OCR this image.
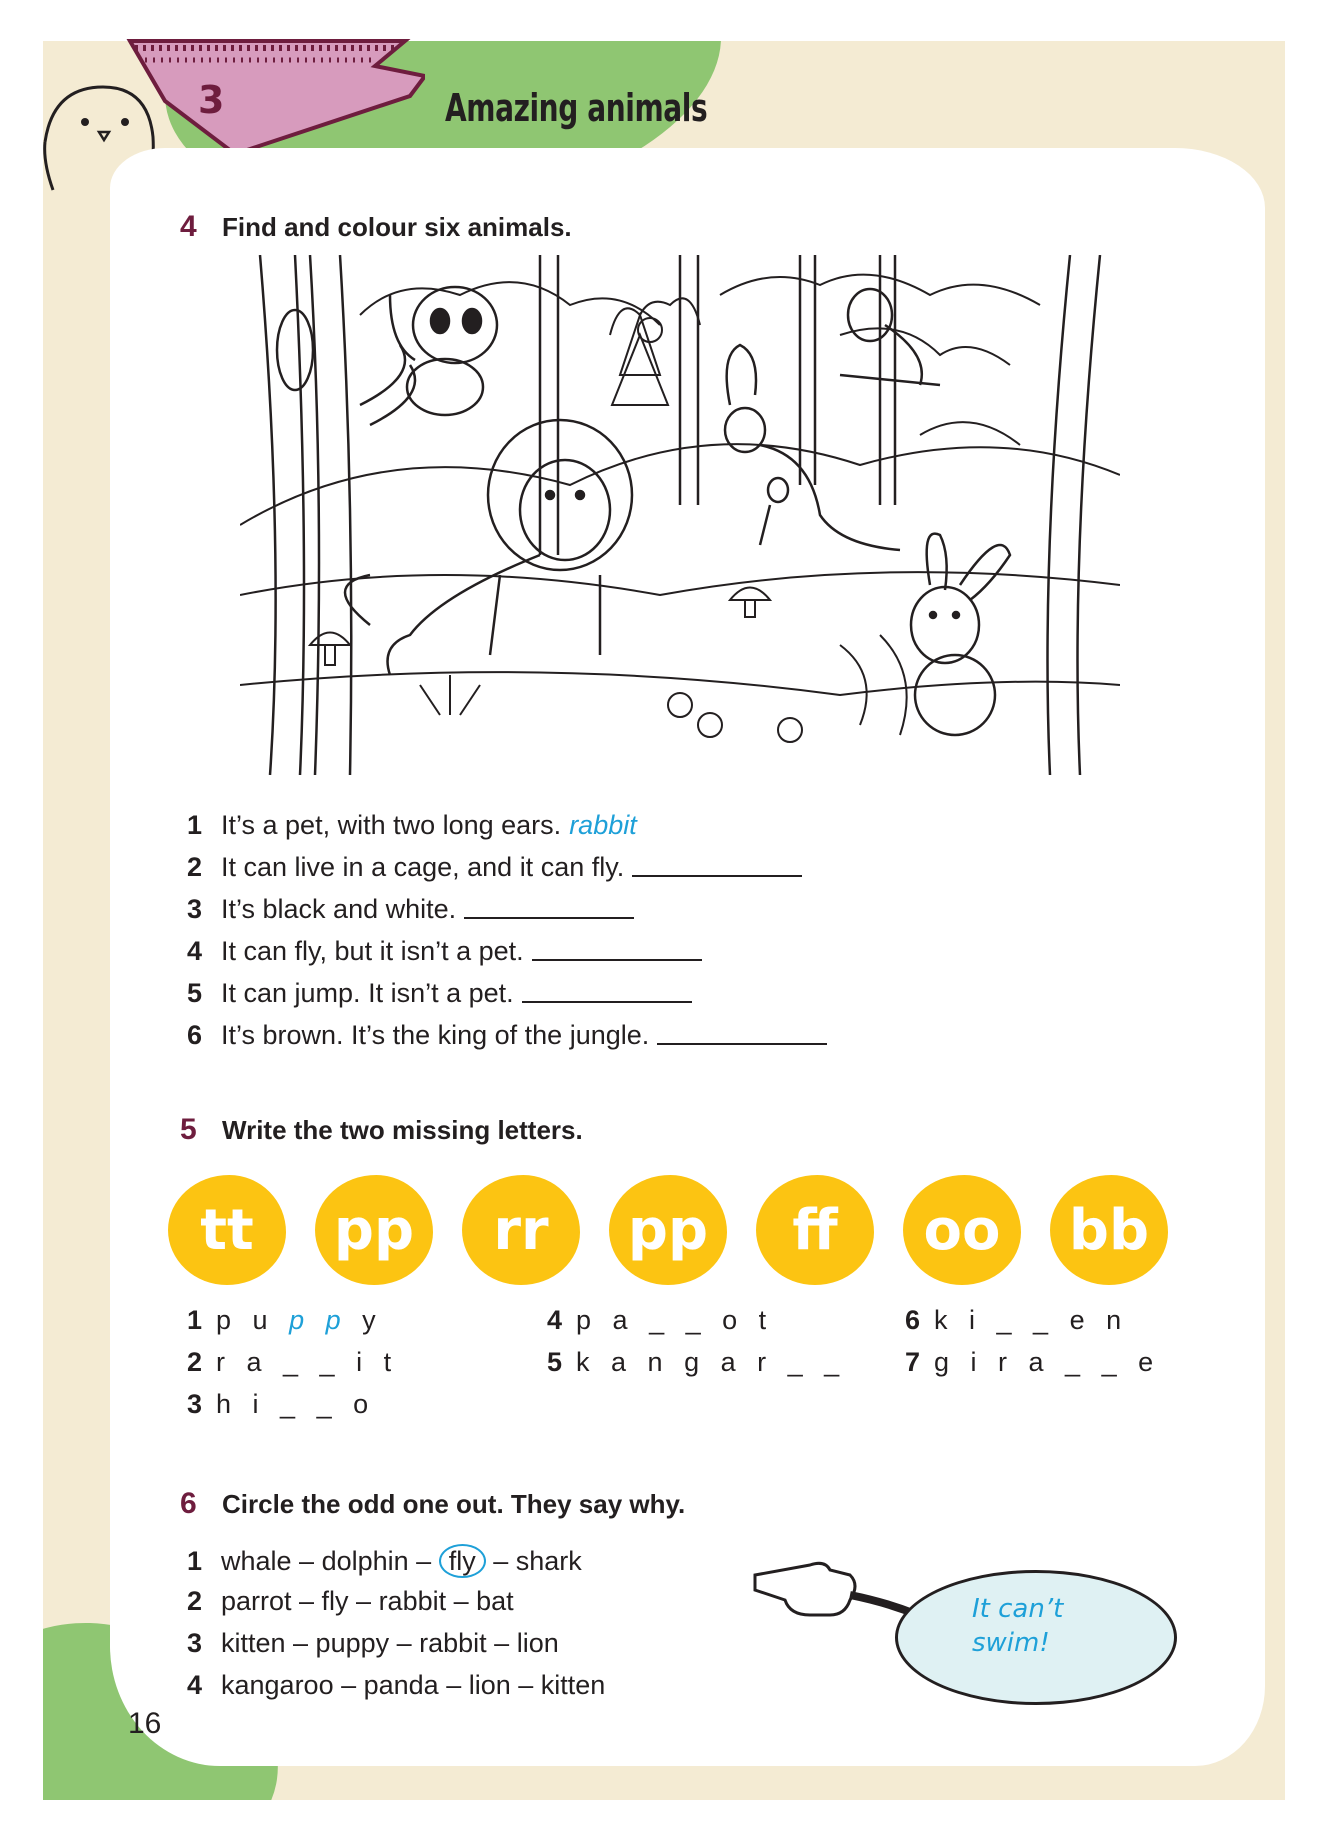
3	Amazing animals
4 Find and colour six animals.
1 It’s a pet, with two long ears. rabbit
2 It can live in a cage, and it can fly.
3 It’s black and white.
4 It can fly, but it isn’t a pet.
5 It can jump. It isn’t a pet.
6 It’s brown. It’s the king of the jungle.
5 Write the two missing letters.
tt	pp	rr	pp	ff	oo	bb
1 p u p p y
2 r a _ _ i t
3 h i _ _ o
4 p a _ _ o t
5 k a n g a r _ _
6 k i _ _ e n
7 g i r a _ _ e
6 Circle the odd one out. They say why.
1 whale – dolphin – fly – shark
2 parrot – fly – rabbit – bat
3 kitten – puppy – rabbit – lion
4 kangaroo – panda – lion – kitten
It can’t swim!
16
